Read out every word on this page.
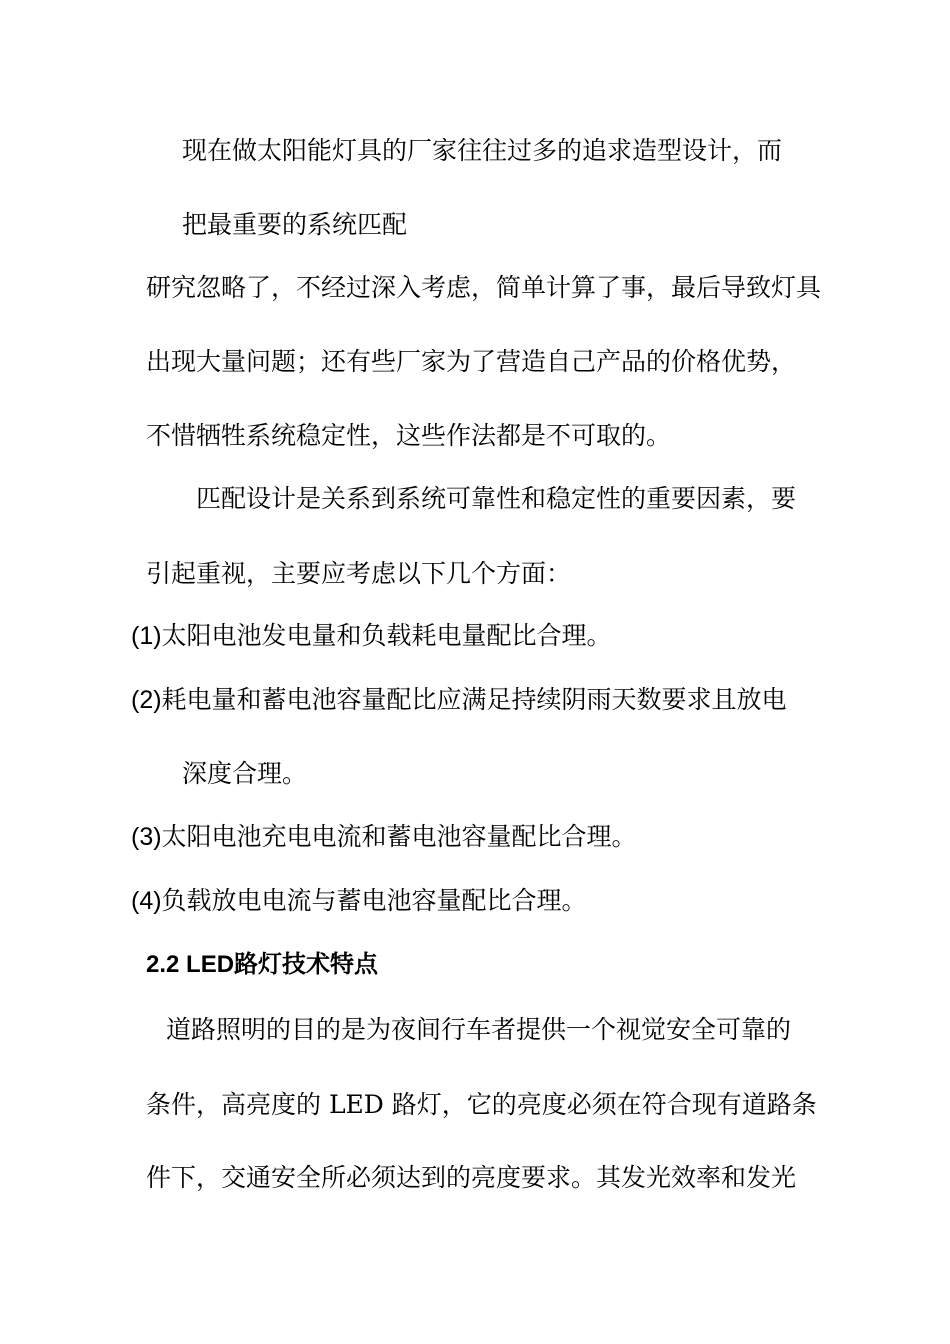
现在做太阳能灯具的厂家往往过多的追求造型设计，而
把最重要的系统匹配
研究忽略了，不经过深入考虑，简单计算了事，最后导致灯具
出现大量问题；还有些厂家为了营造自己产品的价格优势，
不惜牺牲系统稳定性，这些作法都是不可取的。
匹配设计是关系到系统可靠性和稳定性的重要因素，要
引起重视，主要应考虑以下几个方面：
(1)太阳电池发电量和负载耗电量配比合理。
(2)耗电量和蓄电池容量配比应满足持续阴雨天数要求且放电
深度合理。
(3)太阳电池充电电流和蓄电池容量配比合理。
(4)负载放电电流与蓄电池容量配比合理。
2.2 LED路灯技术特点
道路照明的目的是为夜间行车者提供一个视觉安全可靠的
条件，高亮度的 LED 路灯，它的亮度必须在符合现有道路条
件下，交通安全所必须达到的亮度要求。其发光效率和发光
